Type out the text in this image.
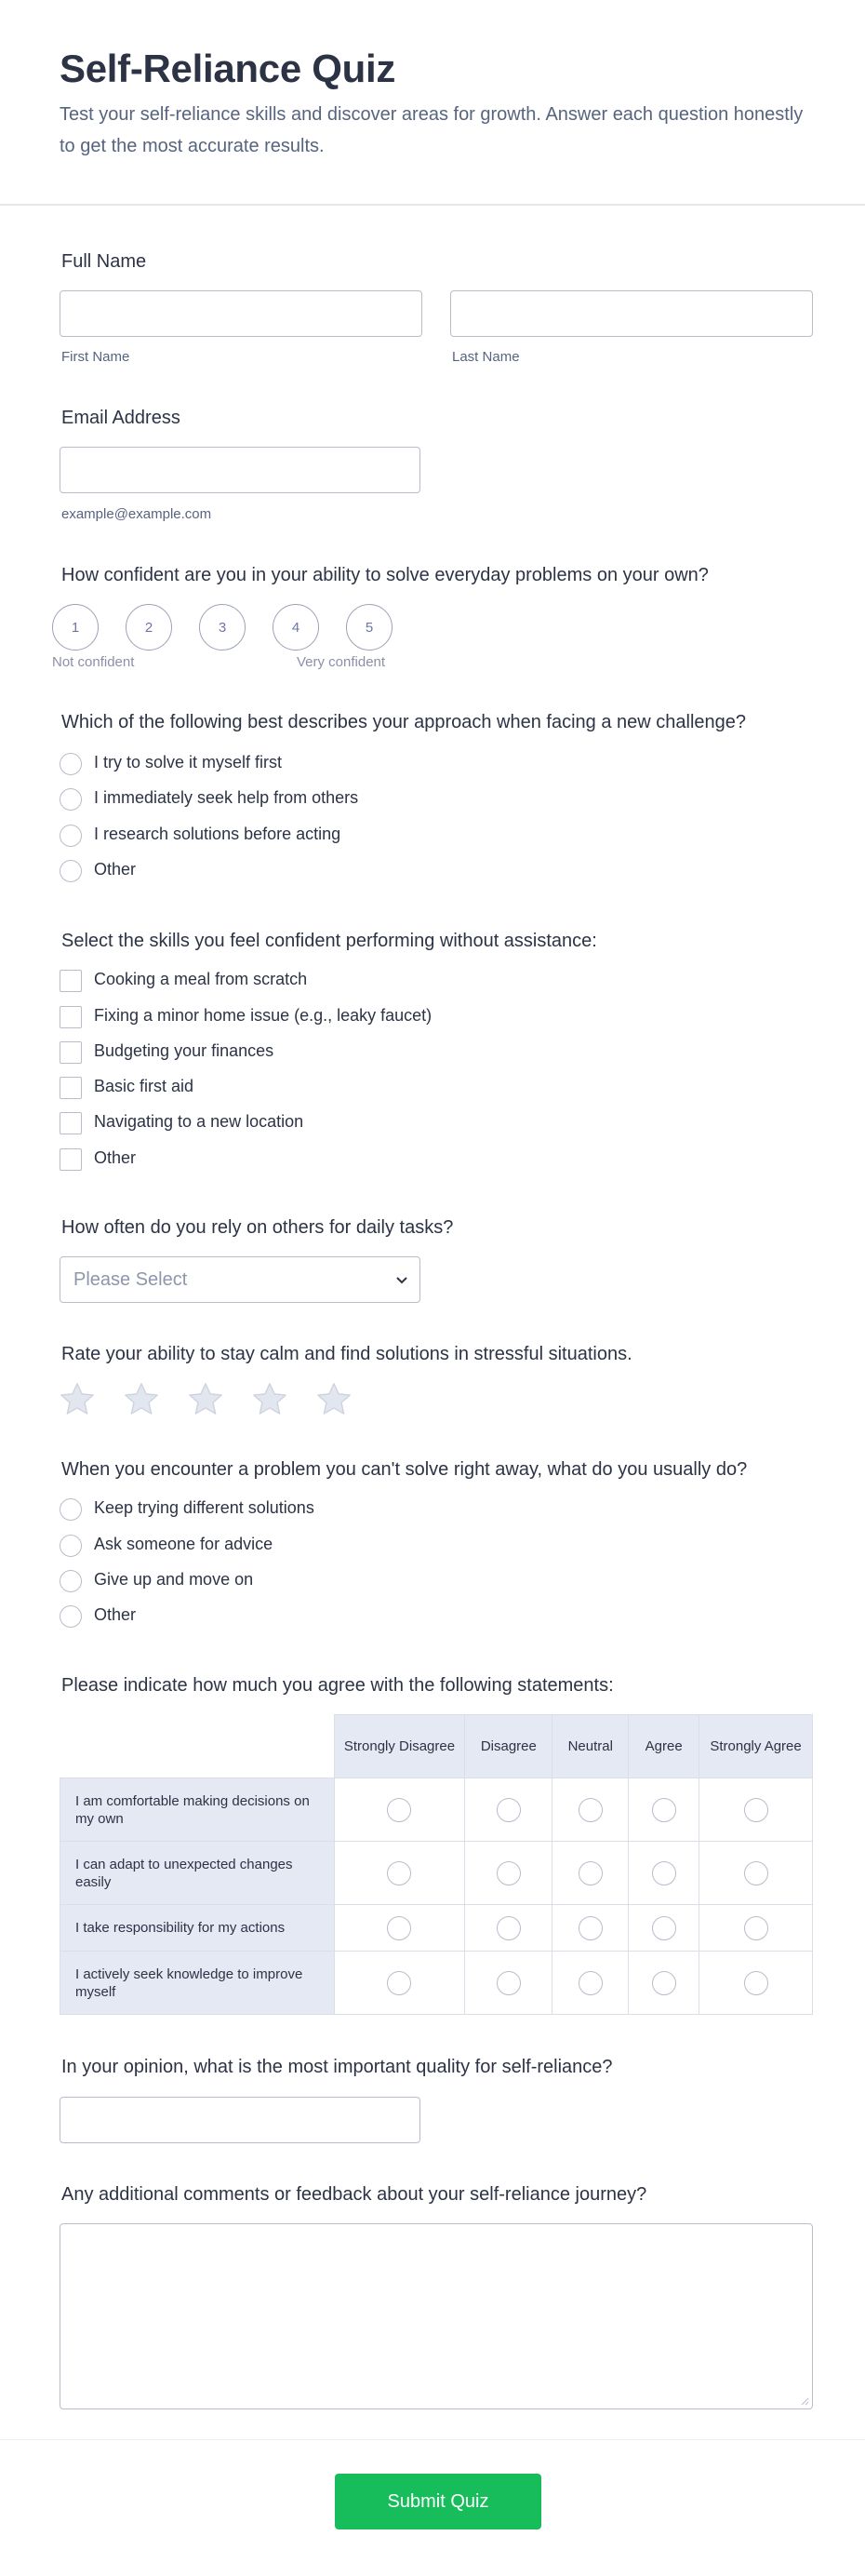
Self-Reliance Quiz
Test your self-reliance skills and discover areas for growth. Answer each question honestly to get the most accurate results.
Full Name
First Name	Last Name
Email Address
example@example.com
How confident are you in your ability to solve everyday problems on your own?
1	2	3	4	5
Not confident	Very confident
Which of the following best describes your approach when facing a new challenge?
I try to solve it myself first
I immediately seek help from others
I research solutions before acting
Other
Select the skills you feel confident performing without assistance:
Cooking a meal from scratch
Fixing a minor home issue (e.g., leaky faucet)
Budgeting your finances
Basic first aid
Navigating to a new location
Other
How often do you rely on others for daily tasks?
Please Select
Rate your ability to stay calm and find solutions in stressful situations.
When you encounter a problem you can't solve right away, what do you usually do?
Keep trying different solutions
Ask someone for advice
Give up and move on
Other
Please indicate how much you agree with the following statements:
	Strongly Disagree	Disagree	Neutral	Agree	Strongly Agree
I am comfortable making decisions on my own					
I can adapt to unexpected changes easily					
I take responsibility for my actions					
I actively seek knowledge to improve myself					
In your opinion, what is the most important quality for self-reliance?
Any additional comments or feedback about your self-reliance journey?
Submit Quiz
